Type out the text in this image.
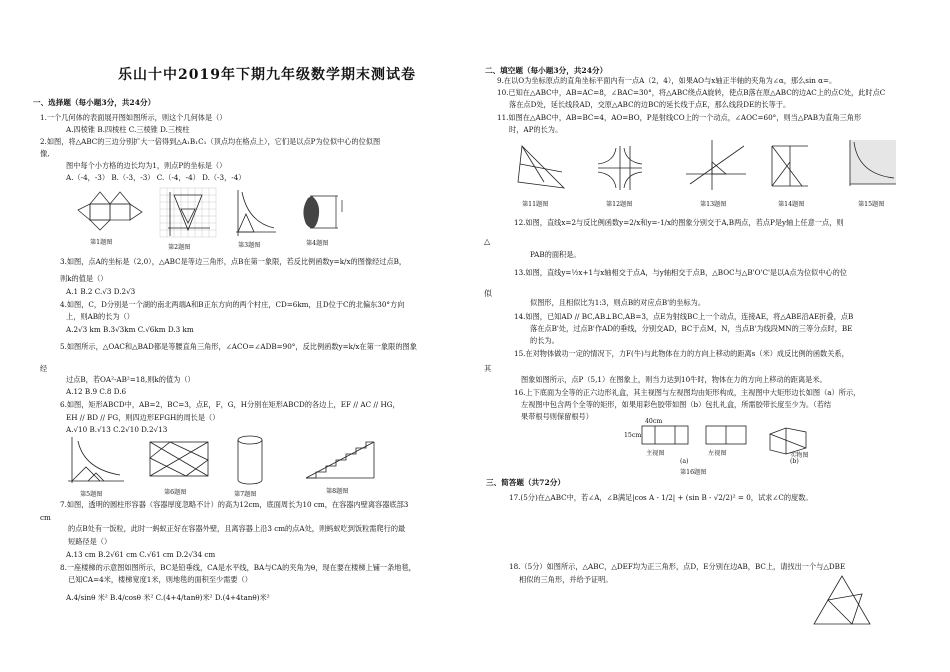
乐山十中2019年下期九年级数学期末测试卷
一、选择题（每小题3分，共24分）
二、填空题（每小题3分，共24分）
三、简答题（共72分）
1.一个几何体的表面展开图如图所示，则这个几何体是（）
A.四棱锥 B.四棱柱 C.三棱锥 D.三棱柱
2.如图，将△ABC的三边分别扩大一倍得到△A₁B₁C₁（顶点均在格点上），它们是以点P为位似中心的位似图
像,
图中每个小方格的边长均为1，则点P的坐标是（）
A.（-4，-3） B.（-3，-3） C.（-4，-4） D.（-3，-4）
3.如图，点A的坐标是（2,0），△ABC是等边三角形，点B在第一象限，若反比例函数y=k/x的图像经过点B，
则k的值是（）
A.1 B.2 C.√3 D.2√3
4.如图，C，D分别是一个湖的南北两端A和B正东方向的两个村庄，CD=6km，且D位于C的北偏东30°方向
上，则AB的长为（）
A.2√3 km B.3√3km C.√6km D.3 km
5.如图所示，△OAC和△BAD都是等腰直角三角形，∠ACO=∠ADB=90°，反比例函数y=k/x在第一象限的图象
经
过点B，若OA²-AB²=18,则k的值为（）
A.12 B.9 C.8 D.6
6.如图，矩形ABCD中，AB=2，BC=3，点E，F，G，H分别在矩形ABCD的各边上，EF // AC // HG，
EH // BD // FG，则四边形EFGH的周长是（）
A.√10 B.√13 C.2√10 D.2√13
7.如图，透明的圆柱形容器（容器厚度忽略不计）的高为12cm，底面周长为10 cm，在容器内壁离容器底部3
cm
的点B处有一饭粒，此时一蚂蚁正好在容器外壁，且离容器上沿3 cm的点A处，则蚂蚁吃到饭粒需爬行的最
短路径是（）
A.13 cm B.2√61 cm C.√61 cm D.2√34 cm
8.一座楼梯的示意图如图所示，BC是铅垂线，CA是水平线，BA与CA的夹角为θ，现在要在楼梯上铺一条地毯，
已知CA=4米，楼梯宽度1米，则地毯的面积至少需要（）
A.4/sinθ 米² B.4/cosθ 米² C.(4+4/tanθ)米² D.(4+4tanθ)米²
9.在以O为坐标原点的直角坐标平面内有一点A（2，4），如果AO与x轴正半轴的夹角为∠α，那么sin α=。
10.已知在△ABC中，AB=AC=8，∠BAC=30°，将△ABC绕点A旋转，使点B落在原△ABC的边AC上的点C处，此时点C
落在点D处，延长线段AD，交原△ABC的边BC的延长线于点E，那么线段DE的长等于。
11.如图在△ABC中，AB=BC=4，AO=BO，P是射线CO上的一个动点，∠AOC=60°，则当△PAB为直角三角形
时，AP的长为。
12.如图，直线x=2与反比例函数y=2/x和y=-1/x的图象分别交于A,B两点，若点P是y轴上任意一点，则
PAB的面积是。
13.如图，直线y=½x+1与x轴相交于点A，与y轴相交于点B，△BOC与△B'O'C'是以A点为位似中心的位
似图形，且相似比为1:3，则点B的对应点B'的坐标为。
14.如图，已知AD // BC,AB⊥BC,AB=3，点E为射线BC上一个动点，连接AE，将△ABE沿AE折叠，点B
落在点B'处，过点B'作AD的垂线，分别交AD，BC于点M，N，当点B'为线段MN的三等分点时，BE
的长为。
15.在对物体做功一定的情况下，力F(牛)与此物体在力的方向上移动的距离s（米）成反比例的函数关系，
其
图象如图所示，点P（5,1）在图象上，则当力达到10牛时，物体在力的方向上移动的距离是米。
16.上下底面为全等的正六边形礼盒，其主视图与左视图均由矩形构成，主视图中大矩形边长如图（a）所示，
左视图中包含两个全等的矩形，如果用彩色胶带如图（b）包扎礼盒，所需胶带长度至少为。（若结
果带根号则保留根号）
17.(5分)在△ABC中，若∠A，∠B满足|cos A - 1/2| + (sin B - √2/2)² = 0，试求∠C的度数。
18.（5分）如图所示，△ABC，△DEF均为正三角形，点D，E分别在边AB，BC上，请找出一个与△DBE
相似的三角形，并给予证明。
△
似
第1题图
第2题图	第3题图	第4题图
第5题图	第6题图	第7题图	第8题图
第11题图	第12题图	第13题图	第14题图	第15题图
40cm
15cm
主视图	左视图	实物图
(a)	(b)
第16题图
